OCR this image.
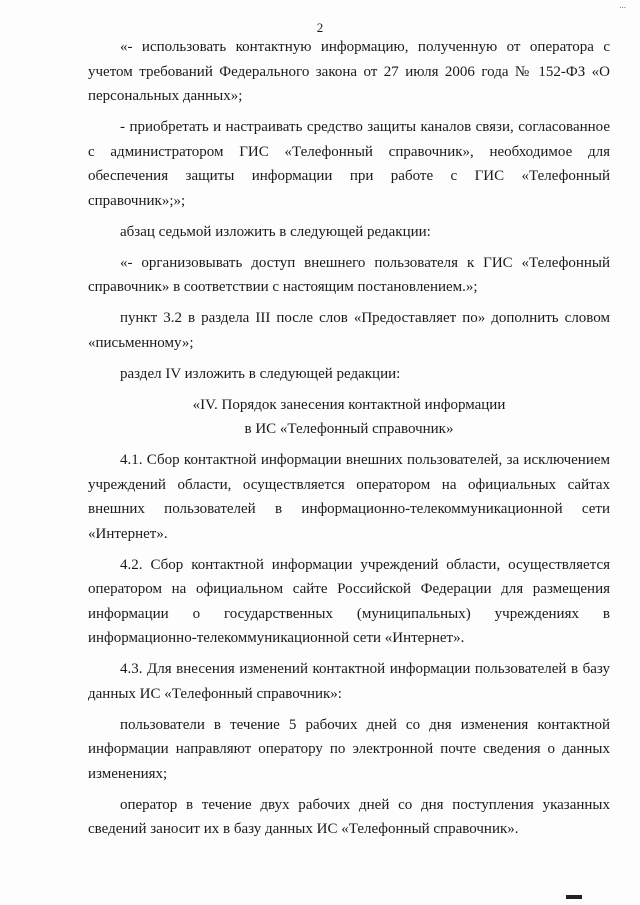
...
2

«- использовать контактную информацию, полученную от оператора с учетом требований Федерального закона от 27 июля 2006 года № 152-ФЗ «О персональных данных»;

- приобретать и настраивать средство защиты каналов связи, согласованное с администратором ГИС «Телефонный справочник», необходимое для обеспечения защиты информации при работе с ГИС «Телефонный справочник»;»;

абзац седьмой изложить в следующей редакции:

«- организовывать доступ внешнего пользователя к ГИС «Телефонный справочник» в соответствии с настоящим постановлением.»;

пункт 3.2 в раздела III после слов «Предоставляет по» дополнить словом «письменному»;

раздел IV изложить в следующей редакции:

«IV. Порядок занесения контактной информации

в ИС «Телефонный справочник»

4.1. Сбор контактной информации внешних пользователей, за исключением учреждений области, осуществляется оператором на официальных сайтах внешних пользователей в информационно-телекоммуникационной сети «Интернет».

4.2. Сбор контактной информации учреждений области, осуществляется оператором на официальном сайте Российской Федерации для размещения информации о государственных (муниципальных) учреждениях в информационно-телекоммуникационной сети «Интернет».

4.3. Для внесения изменений контактной информации пользователей в базу данных ИС «Телефонный справочник»:

пользователи в течение 5 рабочих дней со дня изменения контактной информации направляют оператору по электронной почте сведения о данных изменениях;

оператор в течение двух рабочих дней со дня поступления указанных сведений заносит их в базу данных ИС «Телефонный справочник».
